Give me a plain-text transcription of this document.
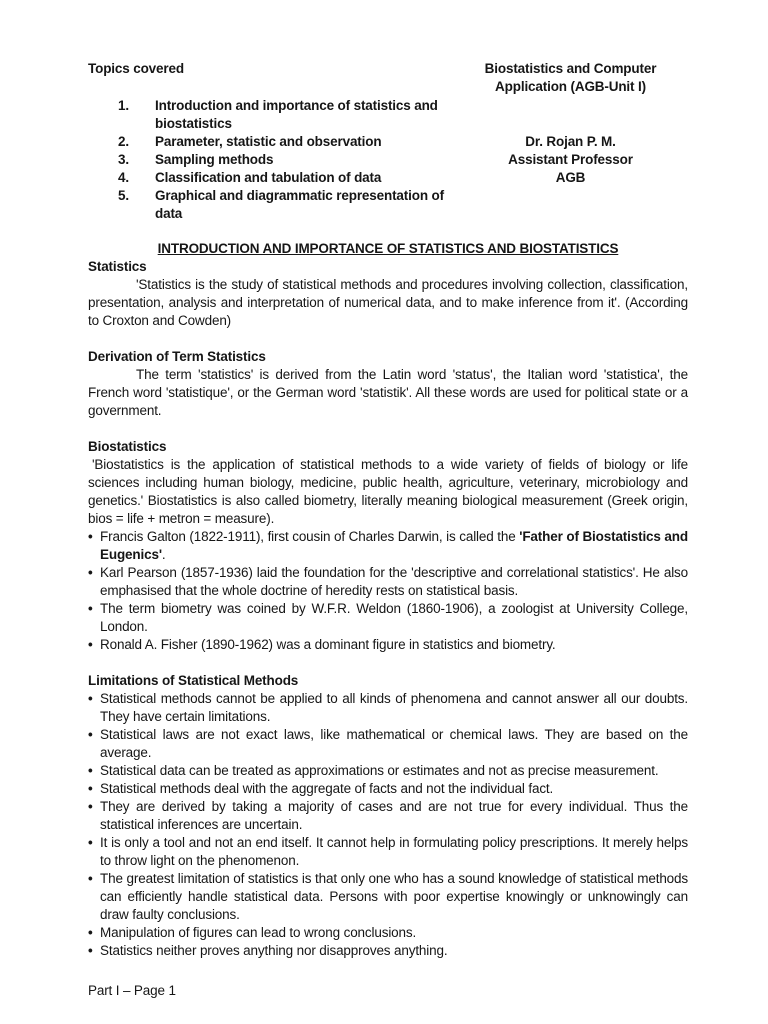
Topics covered
1.	Introduction and importance of statistics and biostatistics
2.	Parameter, statistic and observation
3.	Sampling methods
4.	Classification and tabulation of data
5.	Graphical and diagrammatic representation of data
Biostatistics and Computer
Application (AGB-Unit I)
Dr. Rojan P. M.
Assistant Professor
AGB
INTRODUCTION AND IMPORTANCE OF STATISTICS AND BIOSTATISTICS
Statistics

'Statistics is the study of statistical methods and procedures involving collection, classification, presentation, analysis and interpretation of numerical data, and to make inference from it'. (According to Croxton and Cowden)

Derivation of Term Statistics

The term 'statistics' is derived from the Latin word 'status', the Italian word 'statistica', the French word 'statistique', or the German word 'statistik'. All these words are used for political state or a government.

Biostatistics

'Biostatistics is the application of statistical methods to a wide variety of fields of biology or life sciences including human biology, medicine, public health, agriculture, veterinary, microbiology and genetics.' Biostatistics is also called biometry, literally meaning biological measurement (Greek origin, bios = life + metron = measure).

• Francis Galton (1822-1911), first cousin of Charles Darwin, is called the 'Father of Biostatistics and Eugenics'.
• Karl Pearson (1857-1936) laid the foundation for the 'descriptive and correlational statistics'. He also emphasised that the whole doctrine of heredity rests on statistical basis.
• The term biometry was coined by W.F.R. Weldon (1860-1906), a zoologist at University College, London.
• Ronald A. Fisher (1890-1962) was a dominant figure in statistics and biometry.
Limitations of Statistical Methods
• Statistical methods cannot be applied to all kinds of phenomena and cannot answer all our doubts. They have certain limitations.
• Statistical laws are not exact laws, like mathematical or chemical laws. They are based on the average.
• Statistical data can be treated as approximations or estimates and not as precise measurement.
• Statistical methods deal with the aggregate of facts and not the individual fact.
• They are derived by taking a majority of cases and are not true for every individual. Thus the statistical inferences are uncertain.
• It is only a tool and not an end itself. It cannot help in formulating policy prescriptions. It merely helps to throw light on the phenomenon.
• The greatest limitation of statistics is that only one who has a sound knowledge of statistical methods can efficiently handle statistical data. Persons with poor expertise knowingly or unknowingly can draw faulty conclusions.
• Manipulation of figures can lead to wrong conclusions.
• Statistics neither proves anything nor disapproves anything.
Part I – Page 1
